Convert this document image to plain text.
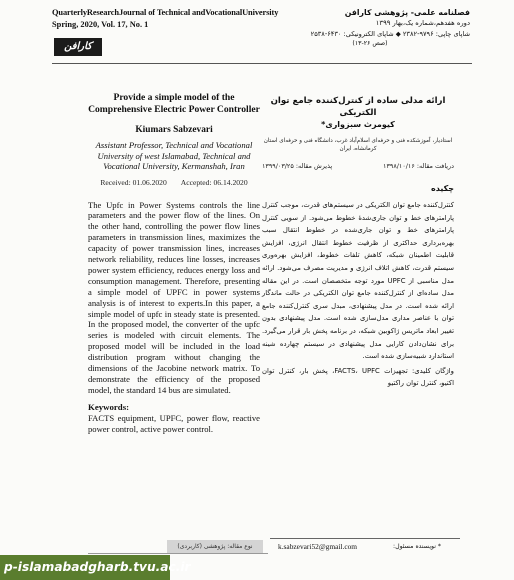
QuarterlyResearchJournal of Technical andVocationalUniversity
Spring, 2020, Vol. 17, No. 1
کارافن
فصلنامه علمی- پژوهشی کارافن
دوره هفدهم،شماره یک،بهار ۱۳۹۹
شاپای چاپی: ۹۷۹۶-۲۳۸۲ ◆ شاپای الکترونیکی: ۶۴۳۰-۲۵۳۸
(صص ۲۶-۱۳)
Provide a simple model of the Comprehensive Electric Power Controller
Kiumars Sabzevari
Assistant Professor, Technical and Vocational University of west Islamabad, Technical and Vocational University, Kermanshah, Iran
Received: 01.06.2020 Accepted: 06.14.2020
The Upfc in Power Systems controls the line parameters and the power flow of the lines. On the other hand, controlling the power flow lines parameters in transmission lines, maximizes the capacity of power transmission lines, increases network reliability, reduces line losses, increases power system efficiency, reduces energy loss and consumption management. Therefore, presenting a simple model of UPFC in power systems analysis is of interest to experts.In this paper, a simple model of upfc in steady state is presented. In the proposed model, the converter of the upfc series is modeled with circuit elements. The proposed model will be included in the load distribution program without changing the dimensions of the Jacobine network matrix. To demonstrate the efficiency of the proposed model, the standard 14 bus are simulated.
Keywords:
FACTS equipment, UPFC, power flow, reactive power control, active power control.
ارائه مدلی ساده از کنترل‌کننده جامع توان الکتریکی
کیومرث سبزواری*
استادیار، آموزشکده فنی و حرفه‌ای اسلام‌آباد غرب، دانشگاه فنی و حرفه‌ای استان کرمانشاه، ایران
دریافت مقاله: ۱۳۹۸/۱۰/۱۶
پذیرش مقاله: ۱۳۹۹/۰۳/۲۵
چکیده
کنترل‌کننده جامع توان الکتریکی در سیستم‌های قدرت، موجب کنترل پارامترهای خط و توان جاری‌شدهٔ خطوط می‌شود. از سویی کنترل پارامترهای خط و توان جاری‌شده در خطوط انتقال سبب بهره‌برداری حداکثری از ظرفیت خطوط انتقال انرژی، افزایش قابلیت اطمینان شبکه، کاهش تلفات خطوط، افزایش بهره‌وری سیستم قدرت، کاهش اتلاف انرژی و مدیریت مصرف می‌شود. ارائه مدل مناسبی از UPFC مورد توجه متخصصان است. در این مقاله مدل ساده‌ای از کنترل‌کننده جامع توان الکتریکی در حالت ماندگار ارائه شده است. در مدل پیشنهادی، مبدل سری کنترل‌کننده جامع توان با عناصر مداری مدل‌سازی شده است. مدل پیشنهادی بدون تغییر ابعاد ماتریس ژاکوبین شبکه، در برنامه پخش بار قرار می‌گیرد. برای نشان‌دادن کارایی مدل پیشنهادی در سیستم چهارده شینه استاندارد شبیه‌سازی شده است.
واژگان کلیدی: تجهیزات FACTS، UPFC، پخش بار، کنترل توان اکتیو، کنترل توان راکتیو
k.sabzevari52@gmail.com	* نویسنده مسئول:
نوع مقاله: پژوهشی (کاربردی)
p-islamabadgharb.tvu.ac.ir
